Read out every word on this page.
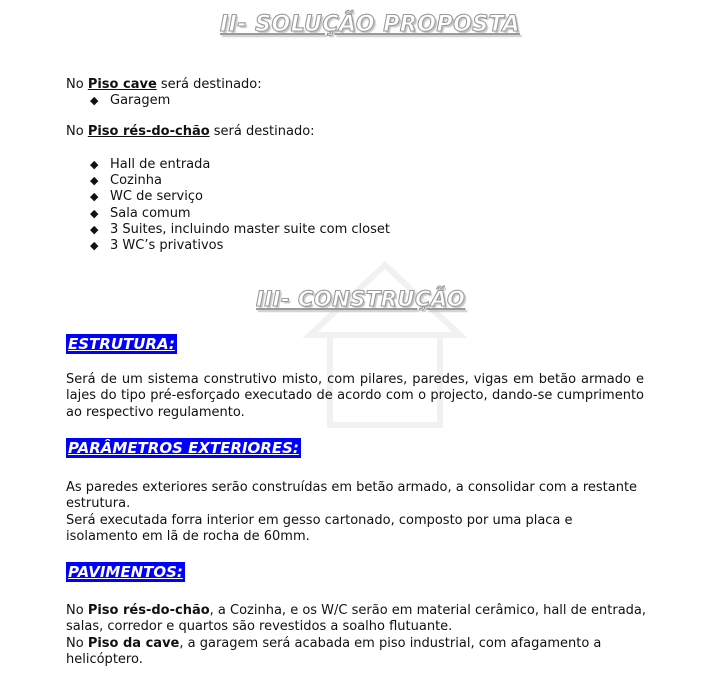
II- SOLUÇÃO PROPOSTA
No Piso cave será destinado:
◆ Garagem
No Piso rés-do-chão será destinado:
◆ Hall de entrada
◆ Cozinha
◆ WC de serviço
◆ Sala comum
◆ 3 Suites, incluindo master suite com closet
◆ 3 WC’s privativos
III- CONSTRUÇÃO
ESTRUTURA:
Será de um sistema construtivo misto, com pilares, paredes, vigas em betão armado e lajes do tipo pré-esforçado executado de acordo com o projecto, dando-se cumprimento ao respectivo regulamento.
PARÂMETROS EXTERIORES:
As paredes exteriores serão construídas em betão armado, a consolidar com a restante
estrutura.
Será executada forra interior em gesso cartonado, composto por uma placa e
isolamento em lã de rocha de 60mm.
PAVIMENTOS:
No Piso rés-do-chão, a Cozinha, e os W/C serão em material cerâmico, hall de entrada,
salas, corredor e quartos são revestidos a soalho flutuante.
No Piso da cave, a garagem será acabada em piso industrial, com afagamento a
helicóptero.
